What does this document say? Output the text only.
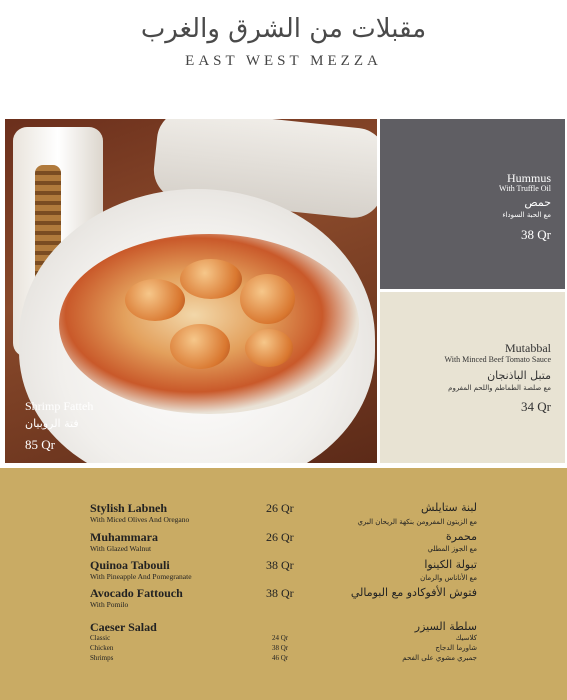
مقبلات من الشرق والغرب
EAST WEST MEZZA
Shrimp Fatteh
فتة الروبيان
85 Qr
Hummus
With Truffle Oil
حمص
مع الحبة السوداء
38 Qr
Mutabbal
With Minced Beef Tomato Sauce
متبل الباذنجان
مع صلصة الطماطم واللحم المفروم
34 Qr
Stylish Labneh
With Miced Olives And Oregano
26 Qr	لبنة ستايلش
مع الزيتون المفرومن بنكهة الريحان البري
Muhammara
With Glazed Walnut
26 Qr	محمرة
مع الجوز المطلي
Quinoa Tabouli
With Pineapple And Pomegranate
38 Qr	تبولة الكينوا
مع الأناناس والرمان
Avocado Fattouch
With Pomilo
38 Qr	فتوش الأفوكادو مع البومالي
Caeser Salad	سلطة السيزر
Classic	24 Qr	كلاسيك
Chicken	38 Qr	شاورما الدجاج
Shrimps	46 Qr	جمبري مشوي على الفحم
